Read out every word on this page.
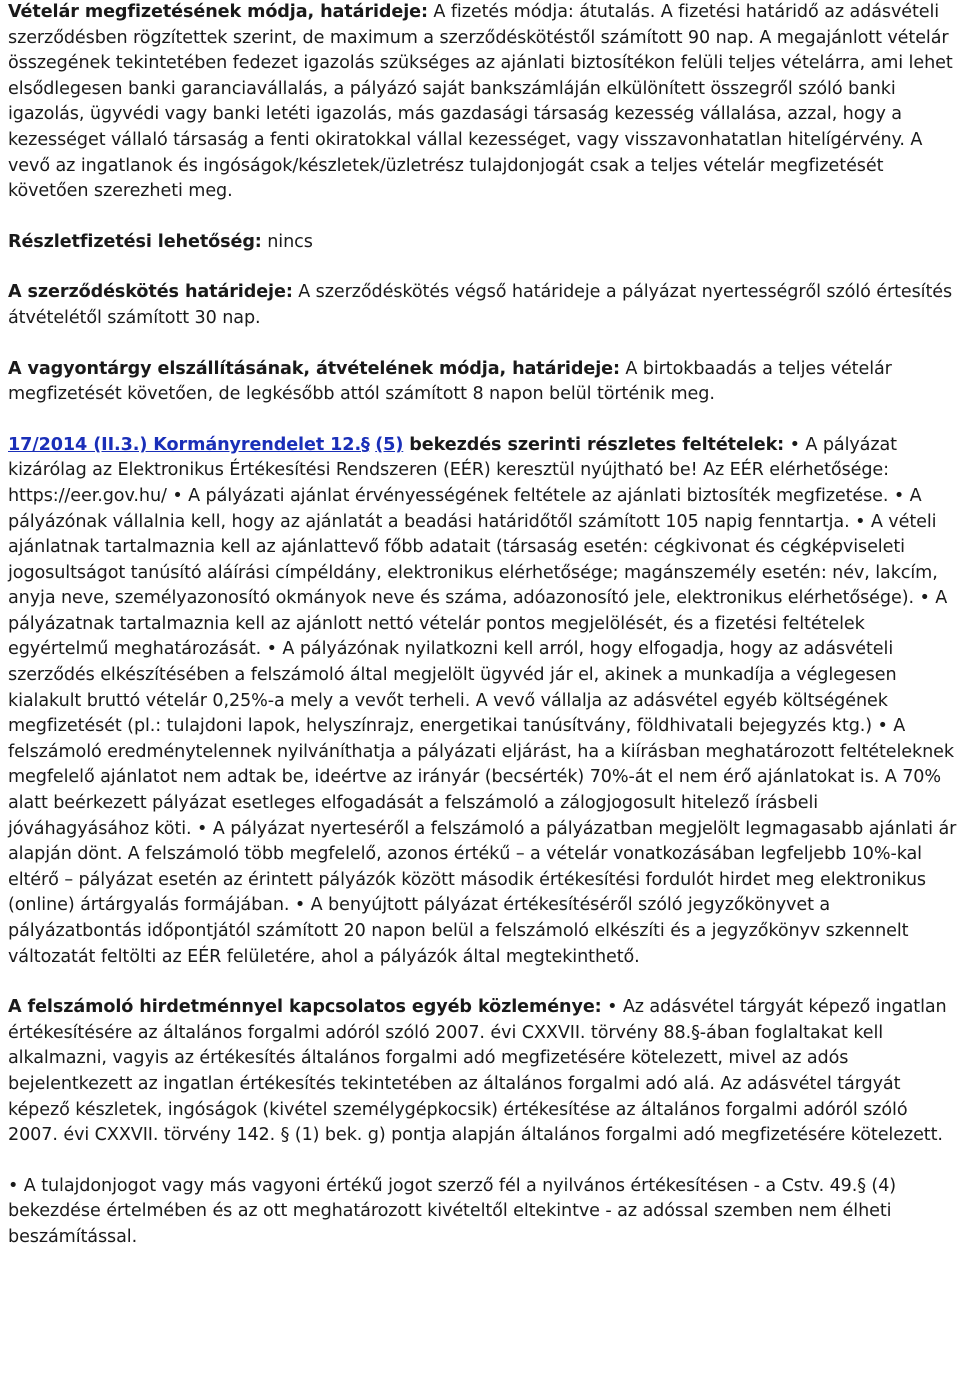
Vételár megfizetésének módja, határideje: A fizetés módja: átutalás. A fizetési határidő az adásvételi szerződésben rögzítettek szerint, de maximum a szerződéskötéstől számított 90 nap. A megajánlott vételár összegének tekintetében fedezet igazolás szükséges az ajánlati biztosítékon felüli teljes vételárra, ami lehet elsődlegesen banki garanciavállalás, a pályázó saját bankszámláján elkülönített összegről szóló banki igazolás, ügyvédi vagy banki letéti igazolás, más gazdasági társaság kezesség vállalása, azzal, hogy a kezességet vállaló társaság a fenti okiratokkal vállal kezességet, vagy visszavonhatatlan hitelígérvény. A vevő az ingatlanok és ingóságok/készletek/üzletrész tulajdonjogát csak a teljes vételár megfizetését követően szerezheti meg.

Részletfizetési lehetőség: nincs

A szerződéskötés határideje: A szerződéskötés végső határideje a pályázat nyertességről szóló értesítés átvételétől számított 30 nap.

A vagyontárgy elszállításának, átvételének módja, határideje: A birtokbaadás a teljes vételár megfizetését követően, de legkésőbb attól számított 8 napon belül történik meg.

17/2014 (II.3.) Kormányrendelet 12.§ (5) bekezdés szerinti részletes feltételek: • A pályázat kizárólag az Elektronikus Értékesítési Rendszeren (EÉR) keresztül nyújtható be! Az EÉR elérhetősége: https://eer.gov.hu/ • A pályázati ajánlat érvényességének feltétele az ajánlati biztosíték megfizetése. • A pályázónak vállalnia kell, hogy az ajánlatát a beadási határidőtől számított 105 napig fenntartja. • A vételi ajánlatnak tartalmaznia kell az ajánlattevő főbb adatait (társaság esetén: cégkivonat és cégképviseleti jogosultságot tanúsító aláírási címpéldány, elektronikus elérhetősége; magánszemély esetén: név, lakcím, anyja neve, személyazonosító okmányok neve és száma, adóazonosító jele, elektronikus elérhetősége). • A pályázatnak tartalmaznia kell az ajánlott nettó vételár pontos megjelölését, és a fizetési feltételek egyértelmű meghatározását. • A pályázónak nyilatkozni kell arról, hogy elfogadja, hogy az adásvételi szerződés elkészítésében a felszámoló által megjelölt ügyvéd jár el, akinek a munkadíja a véglegesen kialakult bruttó vételár 0,25%-a mely a vevőt terheli. A vevő vállalja az adásvétel egyéb költségének megfizetését (pl.: tulajdoni lapok, helyszínrajz, energetikai tanúsítvány, földhivatali bejegyzés ktg.) • A felszámoló eredménytelennek nyilváníthatja a pályázati eljárást, ha a kiírásban meghatározott feltételeknek megfelelő ajánlatot nem adtak be, ideértve az irányár (becsérték) 70%-át el nem érő ajánlatokat is. A 70% alatt beérkezett pályázat esetleges elfogadását a felszámoló a zálogjogosult hitelező írásbeli jóváhagyásához köti. • A pályázat nyerteséről a felszámoló a pályázatban megjelölt legmagasabb ajánlati ár alapján dönt. A felszámoló több megfelelő, azonos értékű – a vételár vonatkozásában legfeljebb 10%-kal eltérő – pályázat esetén az érintett pályázók között második értékesítési fordulót hirdet meg elektronikus (online) ártárgyalás formájában. • A benyújtott pályázat értékesítéséről szóló jegyzőkönyvet a pályázatbontás időpontjától számított 20 napon belül a felszámoló elkészíti és a jegyzőkönyv szkennelt változatát feltölti az EÉR felületére, ahol a pályázók által megtekinthető.

A felszámoló hirdetménnyel kapcsolatos egyéb közleménye: • Az adásvétel tárgyát képező ingatlan értékesítésére az általános forgalmi adóról szóló 2007. évi CXXVII. törvény 88.§-ában foglaltakat kell alkalmazni, vagyis az értékesítés általános forgalmi adó megfizetésére kötelezett, mivel az adós bejelentkezett az ingatlan értékesítés tekintetében az általános forgalmi adó alá. Az adásvétel tárgyát képező készletek, ingóságok (kivétel személygépkocsik) értékesítése az általános forgalmi adóról szóló 2007. évi CXXVII. törvény 142. § (1) bek. g) pontja alapján általános forgalmi adó megfizetésére kötelezett.

• A tulajdonjogot vagy más vagyoni értékű jogot szerző fél a nyilvános értékesítésen - a Cstv. 49.§ (4) bekezdése értelmében és az ott meghatározott kivételtől eltekintve - az adóssal szemben nem élheti beszámítással.
